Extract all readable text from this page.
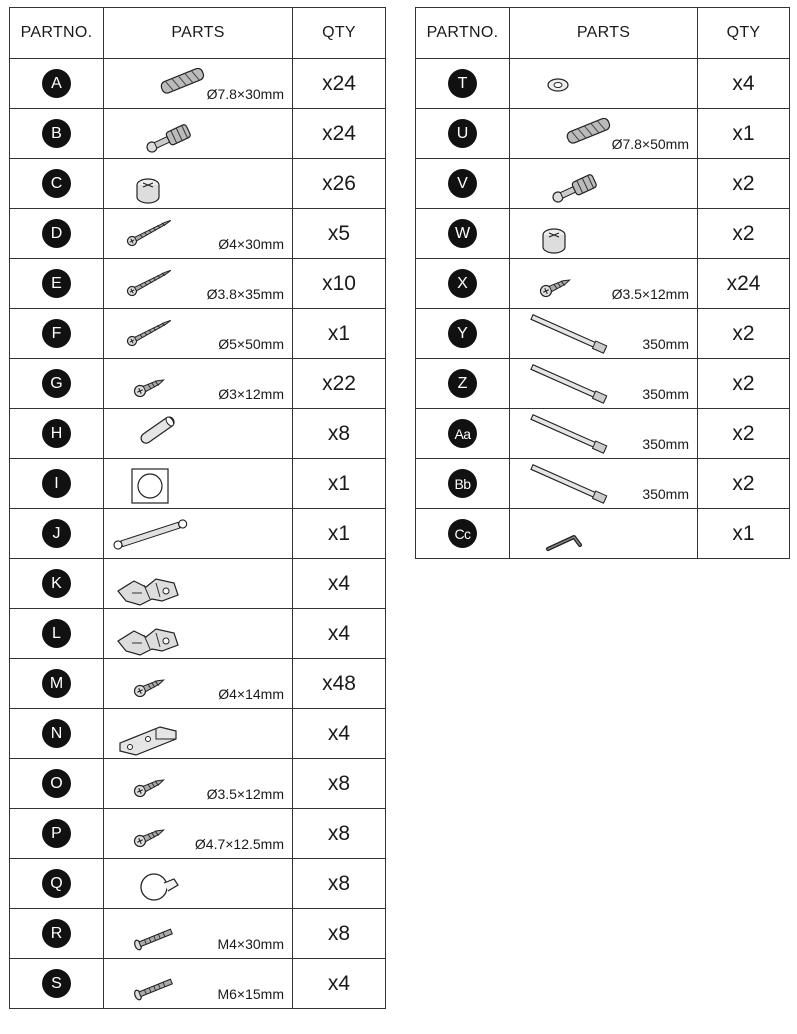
PARTNO.	PARTS	QTY

A	Ø7.8×30mm	x24

B		x24

C		x26

D	Ø4×30mm	x5

E	Ø3.8×35mm	x10

F	Ø5×50mm	x1

G	Ø3×12mm	x22

H		x8

I		x1

J		x1

K		x4

L		x4

M	Ø4×14mm	x48

N		x4

O	Ø3.5×12mm	x8

P	Ø4.7×12.5mm	x8

Q		x8

R	M4×30mm	x8

S	M6×15mm	x4
PARTNO.	PARTS	QTY

T		x4

U	Ø7.8×50mm	x1

V		x2

W		x2

X	Ø3.5×12mm	x24

Y	350mm	x2

Z	350mm	x2

Aa	350mm	x2

Bb	350mm	x2

Cc		x1
